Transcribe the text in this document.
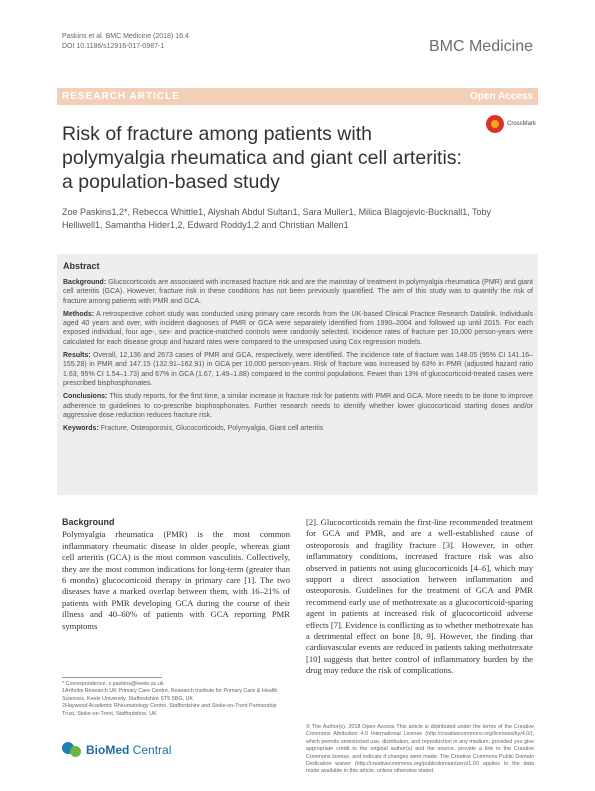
Paskins et al. BMC Medicine (2018) 16:4
DOI 10.1186/s12916-017-0987-1	BMC Medicine
RESEARCH ARTICLE	Open Access
Risk of fracture among patients with polymyalgia rheumatica and giant cell arteritis: a population-based study
CrossMark
Zoe Paskins1,2*, Rebecca Whittle1, Alyshah Abdul Sultan1, Sara Muller1, Milica Blagojevic-Bucknall1, Toby Helliwell1, Samantha Hider1,2, Edward Roddy1,2 and Christian Mallen1
Abstract

Background: Glucocorticoids are associated with increased fracture risk and are the mainstay of treatment in polymyalgia rheumatica (PMR) and giant cell arteritis (GCA). However, fracture risk in these conditions has not been previously quantified. The aim of this study was to quantify the risk of fracture among patients with PMR and GCA.

Methods: A retrospective cohort study was conducted using primary care records from the UK-based Clinical Practice Research Datalink. Individuals aged 40 years and over, with incident diagnoses of PMR or GCA were separately identified from 1990–2004 and followed up until 2015. For each exposed individual, four age-, sex- and practice-matched controls were randomly selected. Incidence rates of fracture per 10,000 person-years were calculated for each disease group and hazard rates were compared to the unexposed using Cox regression models.

Results: Overall, 12,136 and 2673 cases of PMR and GCA, respectively, were identified. The incidence rate of fracture was 148.05 (95% CI 141.16–155.28) in PMR and 147.15 (132.91–162.91) in GCA per 10,000 person-years. Risk of fracture was increased by 63% in PMR (adjusted hazard ratio 1.63, 95% CI 1.54–1.73) and 67% in GCA (1.67, 1.49–1.88) compared to the control populations. Fewer than 13% of glucocorticoid-treated cases were prescribed bisphosphonates.

Conclusions: This study reports, for the first time, a similar increase in fracture risk for patients with PMR and GCA. More needs to be done to improve adherence to guidelines to co-prescribe bisphosphonates. Further research needs to identify whether lower glucocorticoid starting doses and/or aggressive dose reduction reduces fracture risk.

Keywords: Fracture, Osteoporosis, Glucocorticoids, Polymyalgia, Giant cell arteritis

Background
Polymyalgia rheumatica (PMR) is the most common inflammatory rheumatic disease in older people, whereas giant cell arteritis (GCA) is the most common vasculitis. Collectively, they are the most common indications for long-term (greater than 6 months) glucocorticoid therapy in primary care [1]. The two diseases have a marked overlap between them, with 16–21% of patients with PMR developing GCA during the course of their illness and 40–60% of patients with GCA reporting PMR symptoms
[2]. Glucocorticoids remain the first-line recommended treatment for GCA and PMR, and are a well-established cause of osteoporosis and fragility fracture [3]. However, in other inflammatory conditions, increased fracture risk was also observed in patients not using glucocorticoids [4–6], which may support a direct association between inflammation and osteoporosis. Guidelines for the treatment of GCA and PMR recommend early use of methotrexate as a glucocorticoid-sparing agent in patients at increased risk of glucocorticoid adverse effects [7]. Evidence is conflicting as to whether methotrexate has a detrimental effect on bone [8, 9]. However, the finding that cardiovascular events are reduced in patients taking methotrexate [10] suggests that better control of inflammatory burden by the drug may reduce the risk of complications.
* Correspondence: z.paskins@keele.ac.uk
1Arthritis Research UK Primary Care Centre, Research Institute for Primary Care & Health Sciences, Keele University, Staffordshire ST5 5BG, UK
2Haywood Academic Rheumatology Centre, Staffordshire and Stoke-on-Trent Partnership Trust, Stoke-on-Trent, Staffordshire, UK
BioMed Central
© The Author(s). 2018 Open Access This article is distributed under the terms of the Creative Commons Attribution 4.0 International License (http://creativecommons.org/licenses/by/4.0/), which permits unrestricted use, distribution, and reproduction in any medium, provided you give appropriate credit to the original author(s) and the source, provide a link to the Creative Commons license, and indicate if changes were made. The Creative Commons Public Domain Dedication waiver (http://creativecommons.org/publicdomain/zero/1.0/) applies to the data made available in this article, unless otherwise stated.
